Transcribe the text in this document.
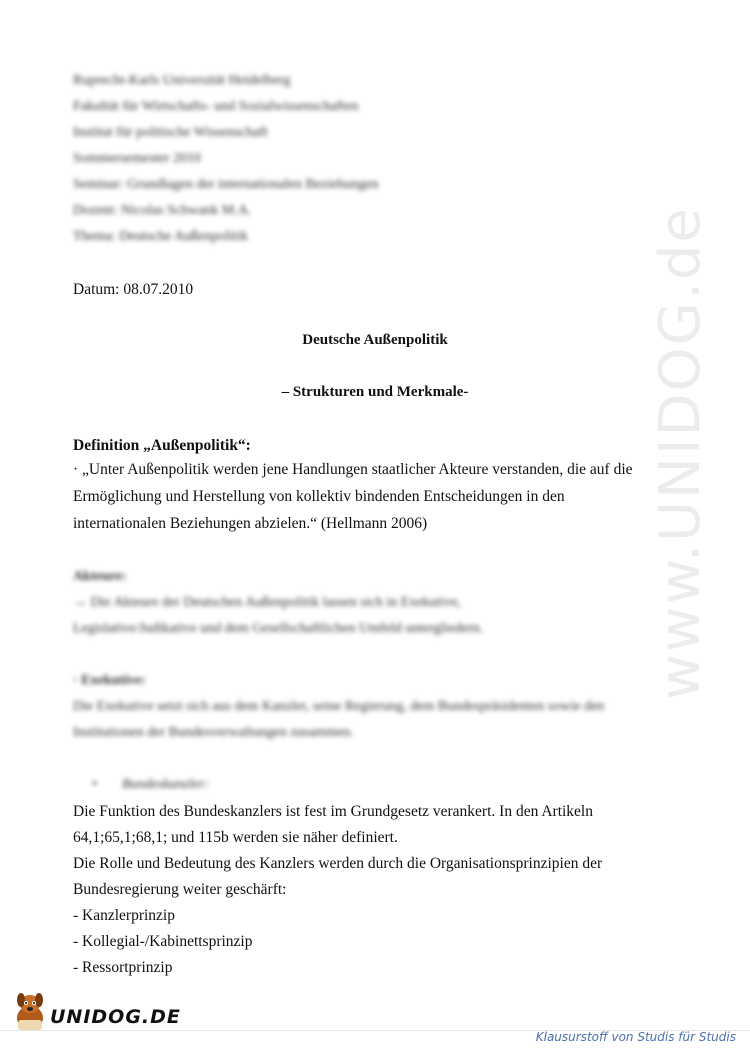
www.UNIDOG.de
Ruprecht-Karls Universität Heidelberg
Fakultät für Wirtschafts- und Sozialwissenschaften
Institut für politische Wissenschaft
Sommersemester 2010
Seminar: Grundlagen der internationalen Beziehungen
Dozent: Nicolas Schwank M.A.
Thema: Deutsche Außenpolitik
Datum: 08.07.2010
Deutsche Außenpolitik
– Strukturen und Merkmale-
Definition „Außenpolitik“:
· „Unter Außenpolitik werden jene Handlungen staatlicher Akteure verstanden, die auf die
Ermöglichung und Herstellung von kollektiv bindenden Entscheidungen in den
internationalen Beziehungen abzielen.“ (Hellmann 2006)
Akteure:
→ Die Akteure der Deutschen Außenpolitik lassen sich in Exekutive,
Legislative/Judikative und dem Gesellschaftlichen Umfeld untergliedern.
· Exekutive:
Die Exekutive setzt sich aus dem Kanzler, seine Regierung, dem Bundespräsidenten sowie den
Institutionen der Bundesverwaltungen zusammen.
• Bundeskanzler:
Die Funktion des Bundeskanzlers ist fest im Grundgesetz verankert. In den Artikeln
64,1;65,1;68,1; und 115b werden sie näher definiert.
Die Rolle und Bedeutung des Kanzlers werden durch die Organisationsprinzipien der
Bundesregierung weiter geschärft:
- Kanzlerprinzip
- Kollegial-/Kabinettsprinzip
- Ressortprinzip
UNIDOG.DE
Klausurstoff von Studis für Studis
